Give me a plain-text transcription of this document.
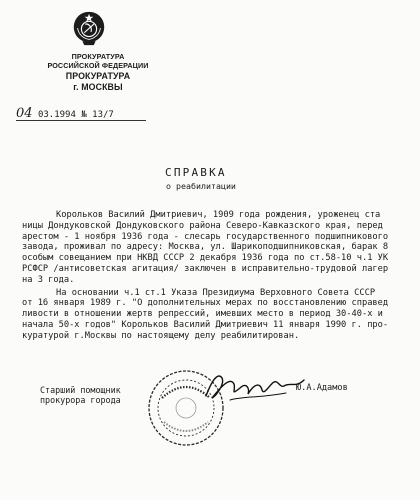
ПРОКУРАТУРА
РОССИЙСКОЙ ФЕДЕРАЦИИ
ПРОКУРАТУРА
г. МОСКВЫ
04 03.1994 № 13/7
СПРАВКА
о реабилитации
Корольков Василий Дмитриевич, 1909 года рождения, уроженец ста
ницы Дондуковской Дондуковского района Северо-Кавказского края, перед
арестом - 1 ноября 1936 года - слесарь государственного подшипникового
завода, проживал по адресу: Москва, ул. Шарикоподшипниковская, барак 8
особым совещанием при НКВД СССР 2 декабря 1936 года по ст.58-10 ч.1 УК
РСФСР /антисоветская агитация/ заключен в исправительно-трудовой лагер
на 3 года.
На основании ч.1 ст.1 Указа Президиума Верховного Совета СССР
от 16 января 1989 г. "О дополнительных мерах по восстановлению справед
ливости в отношении жертв репрессий, имевших место в период 30-40-х и
начала 50-х годов" Корольков Василий Дмитриевич 11 января 1990 г. про-
куратурой г.Москвы по настоящему делу реабилитирован.
Старший помощник
прокурора города
Ю.А.Адамов
